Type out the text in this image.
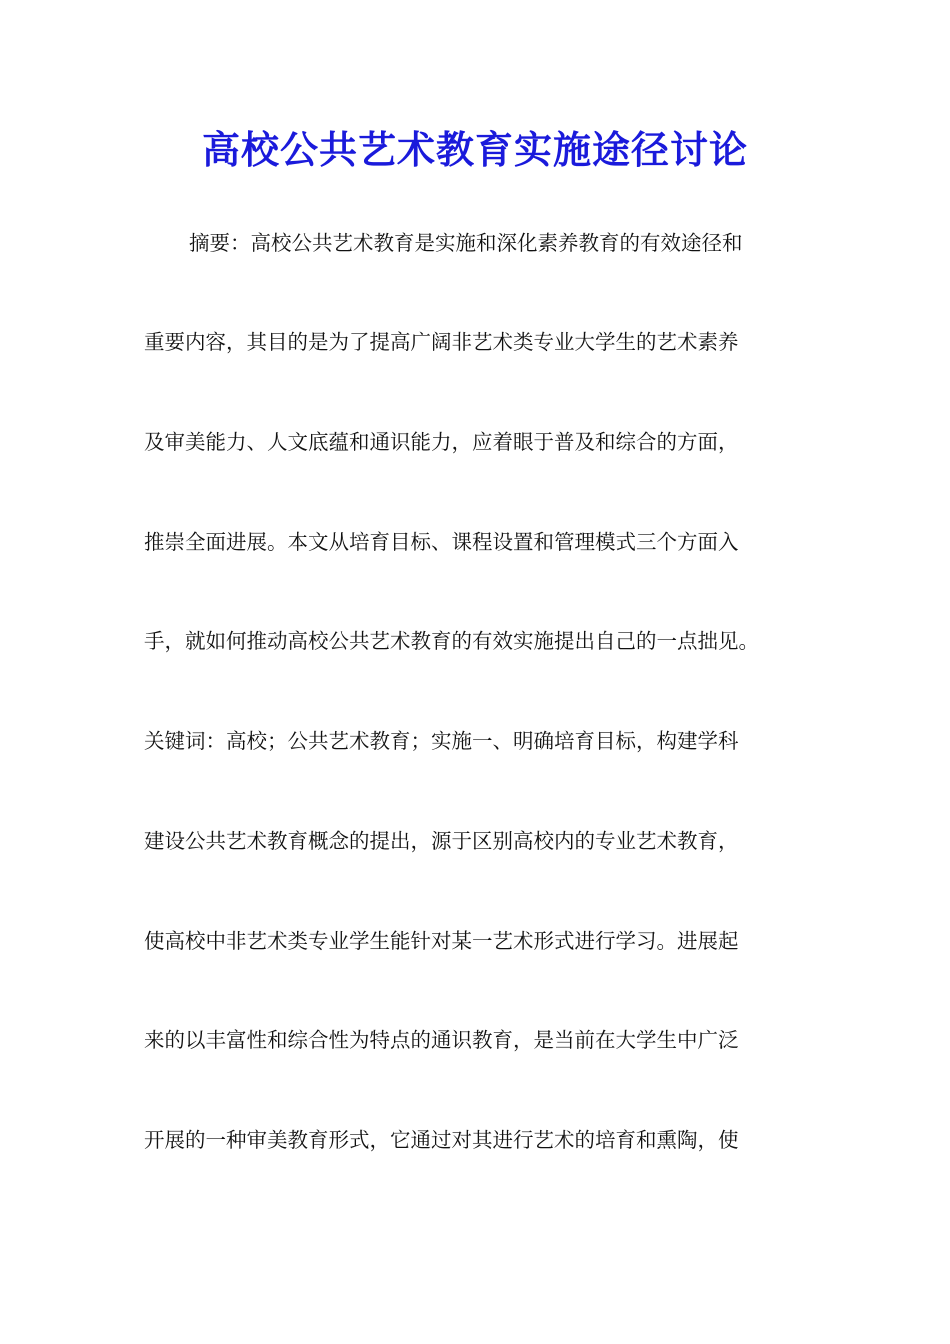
高校公共艺术教育实施途径讨论
摘要：高校公共艺术教育是实施和深化素养教育的有效途径和
重要内容，其目的是为了提高广阔非艺术类专业大学生的艺术素养
及审美能力、人文底蕴和通识能力，应着眼于普及和综合的方面，
推崇全面进展。本文从培育目标、课程设置和管理模式三个方面入
手，就如何推动高校公共艺术教育的有效实施提出自己的一点拙见。
关键词：高校；公共艺术教育；实施一、明确培育目标，构建学科
建设公共艺术教育概念的提出，源于区别高校内的专业艺术教育，
使高校中非艺术类专业学生能针对某一艺术形式进行学习。进展起
来的以丰富性和综合性为特点的通识教育，是当前在大学生中广泛
开展的一种审美教育形式，它通过对其进行艺术的培育和熏陶，使
